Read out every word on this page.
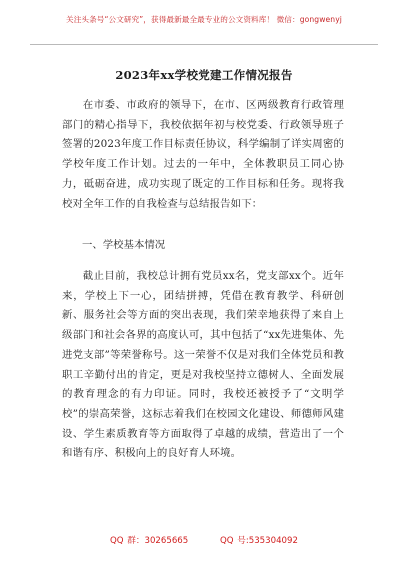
关注头条号“公文研究”，获得最新最全最专业的公文资料库！ 微信：gongwenyj
2023年xx学校党建工作情况报告

在市委、市政府的领导下，在市、区两级教育行政管理部门的精心指导下，我校依据年初与校党委、行政领导班子签署的2023年度工作目标责任协议，科学编制了详实周密的学校年度工作计划。过去的一年中，全体教职员工同心协力，砥砺奋进，成功实现了既定的工作目标和任务。现将我校对全年工作的自我检查与总结报告如下：

一、学校基本情况

截止目前，我校总计拥有党员xx名，党支部xx个。近年来，学校上下一心，团结拼搏，凭借在教育教学、科研创新、服务社会等方面的突出表现，我们荣幸地获得了来自上级部门和社会各界的高度认可，其中包括了“xx先进集体、先进党支部”等荣誉称号。这一荣誉不仅是对我们全体党员和教职工辛勤付出的肯定，更是对我校坚持立德树人、全面发展的教育理念的有力印证。同时，我校还被授予了“文明学校”的崇高荣誉，这标志着我们在校园文化建设、师德师风建设、学生素质教育等方面取得了卓越的成绩，营造出了一个和谐有序、积极向上的良好育人环境。

QQ 群：30265665	QQ 号:535304092
